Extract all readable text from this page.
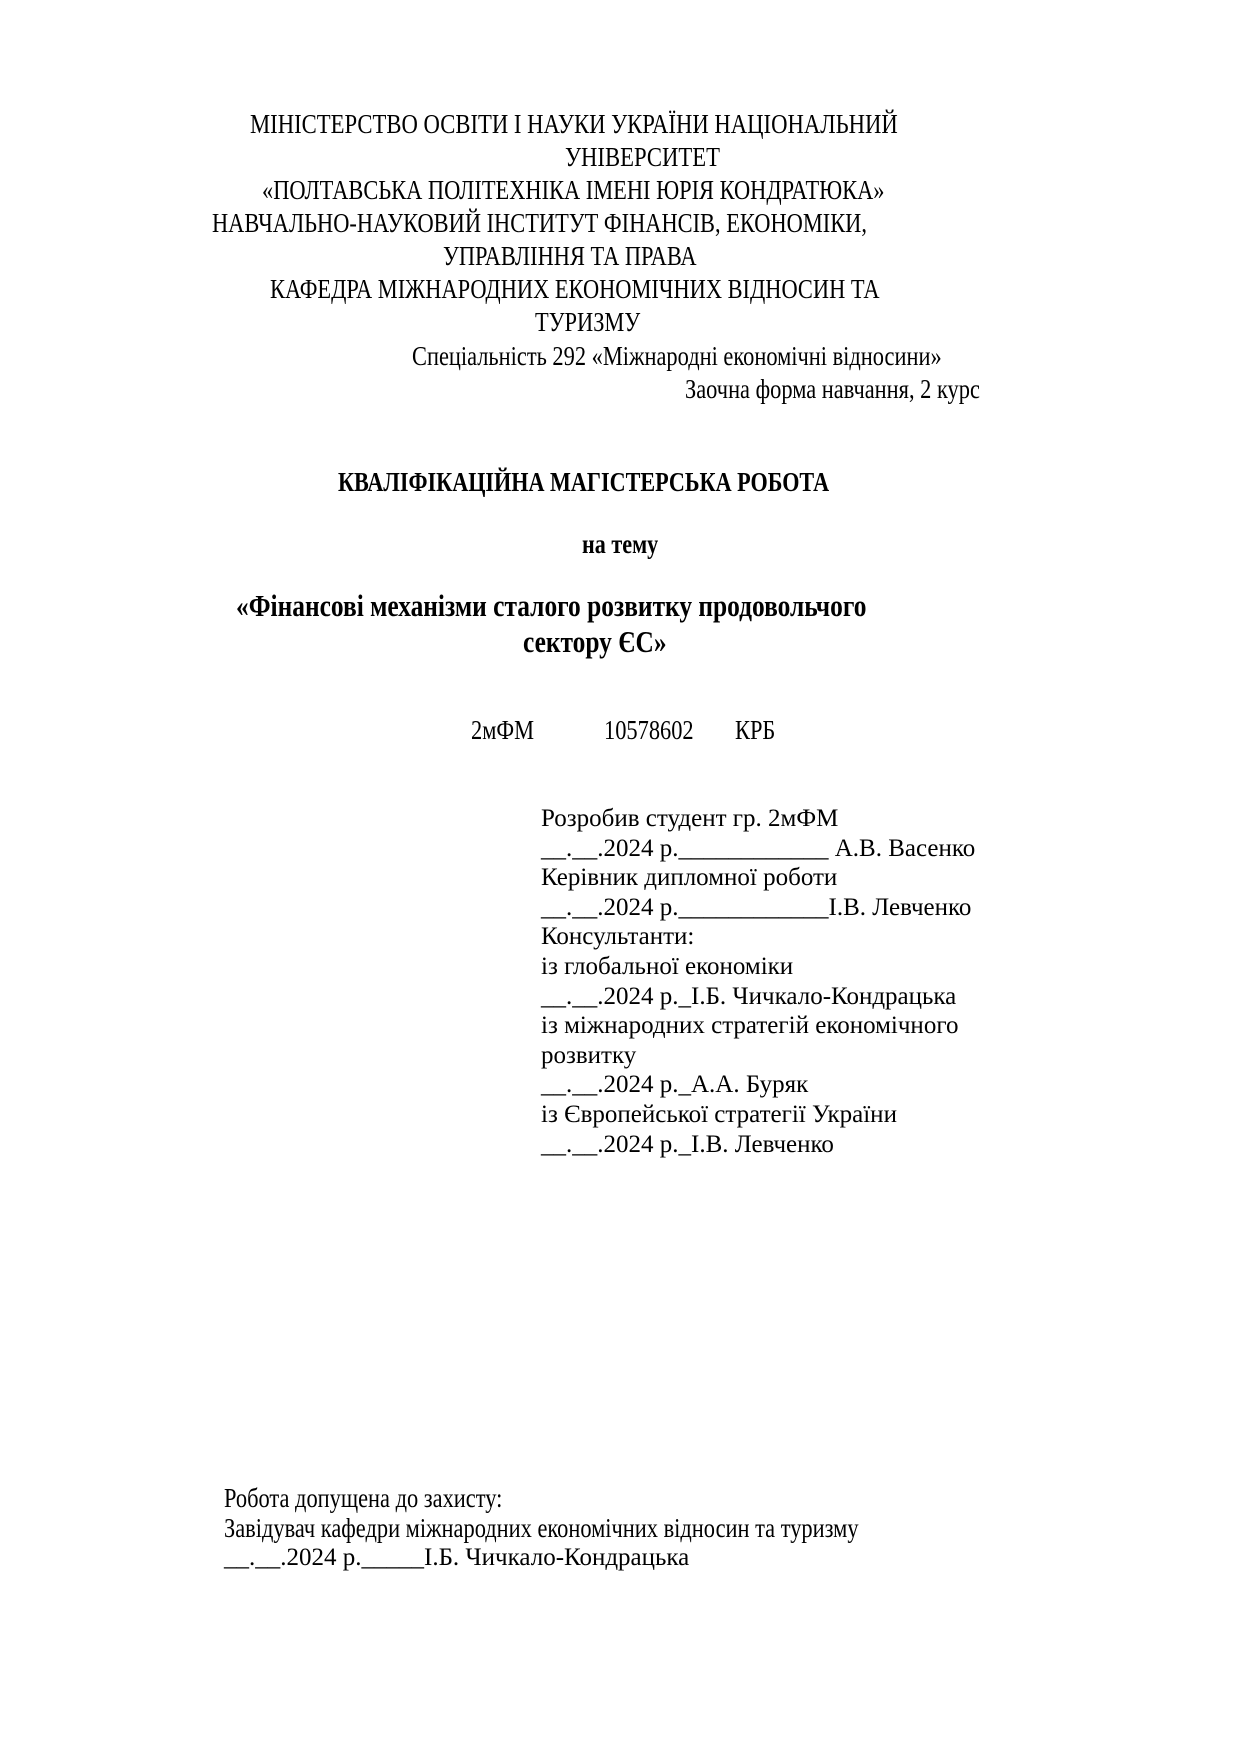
МІНІСТЕРСТВО ОСВІТИ І НАУКИ УКРАЇНИ НАЦІОНАЛЬНИЙ
УНІВЕРСИТЕТ
«ПОЛТАВСЬКА ПОЛІТЕХНІКА ІМЕНІ ЮРІЯ КОНДРАТЮКА»
НАВЧАЛЬНО-НАУКОВИЙ ІНСТИТУТ ФІНАНСІВ, ЕКОНОМІКИ,
УПРАВЛІННЯ ТА ПРАВА
КАФЕДРА МІЖНАРОДНИХ ЕКОНОМІЧНИХ ВІДНОСИН ТА
ТУРИЗМУ
Спеціальність 292 «Міжнародні економічні відносини»
Заочна форма навчання, 2 курс
КВАЛІФІКАЦІЙНА МАГІСТЕРСЬКА РОБОТА
на тему
«Фінансові механізми сталого розвитку продовольчого
сектору ЄС»
2мФМ	10578602 КРБ
Розробив студент гр. 2мФМ
__.__.2024 р.____________ А.В. Васенко
Керівник дипломної роботи
__.__.2024 р.____________І.В. Левченко
Консультанти:
із глобальної економіки
__.__.2024 р._І.Б. Чичкало-Кондрацька
із міжнародних стратегій економічного
розвитку
__.__.2024 р._А.А. Буряк
із Європейської стратегії України
__.__.2024 р._І.В. Левченко
Робота допущена до захисту:
Завідувач кафедри міжнародних економічних відносин та туризму
__.__.2024 р._____І.Б. Чичкало-Кондрацька
